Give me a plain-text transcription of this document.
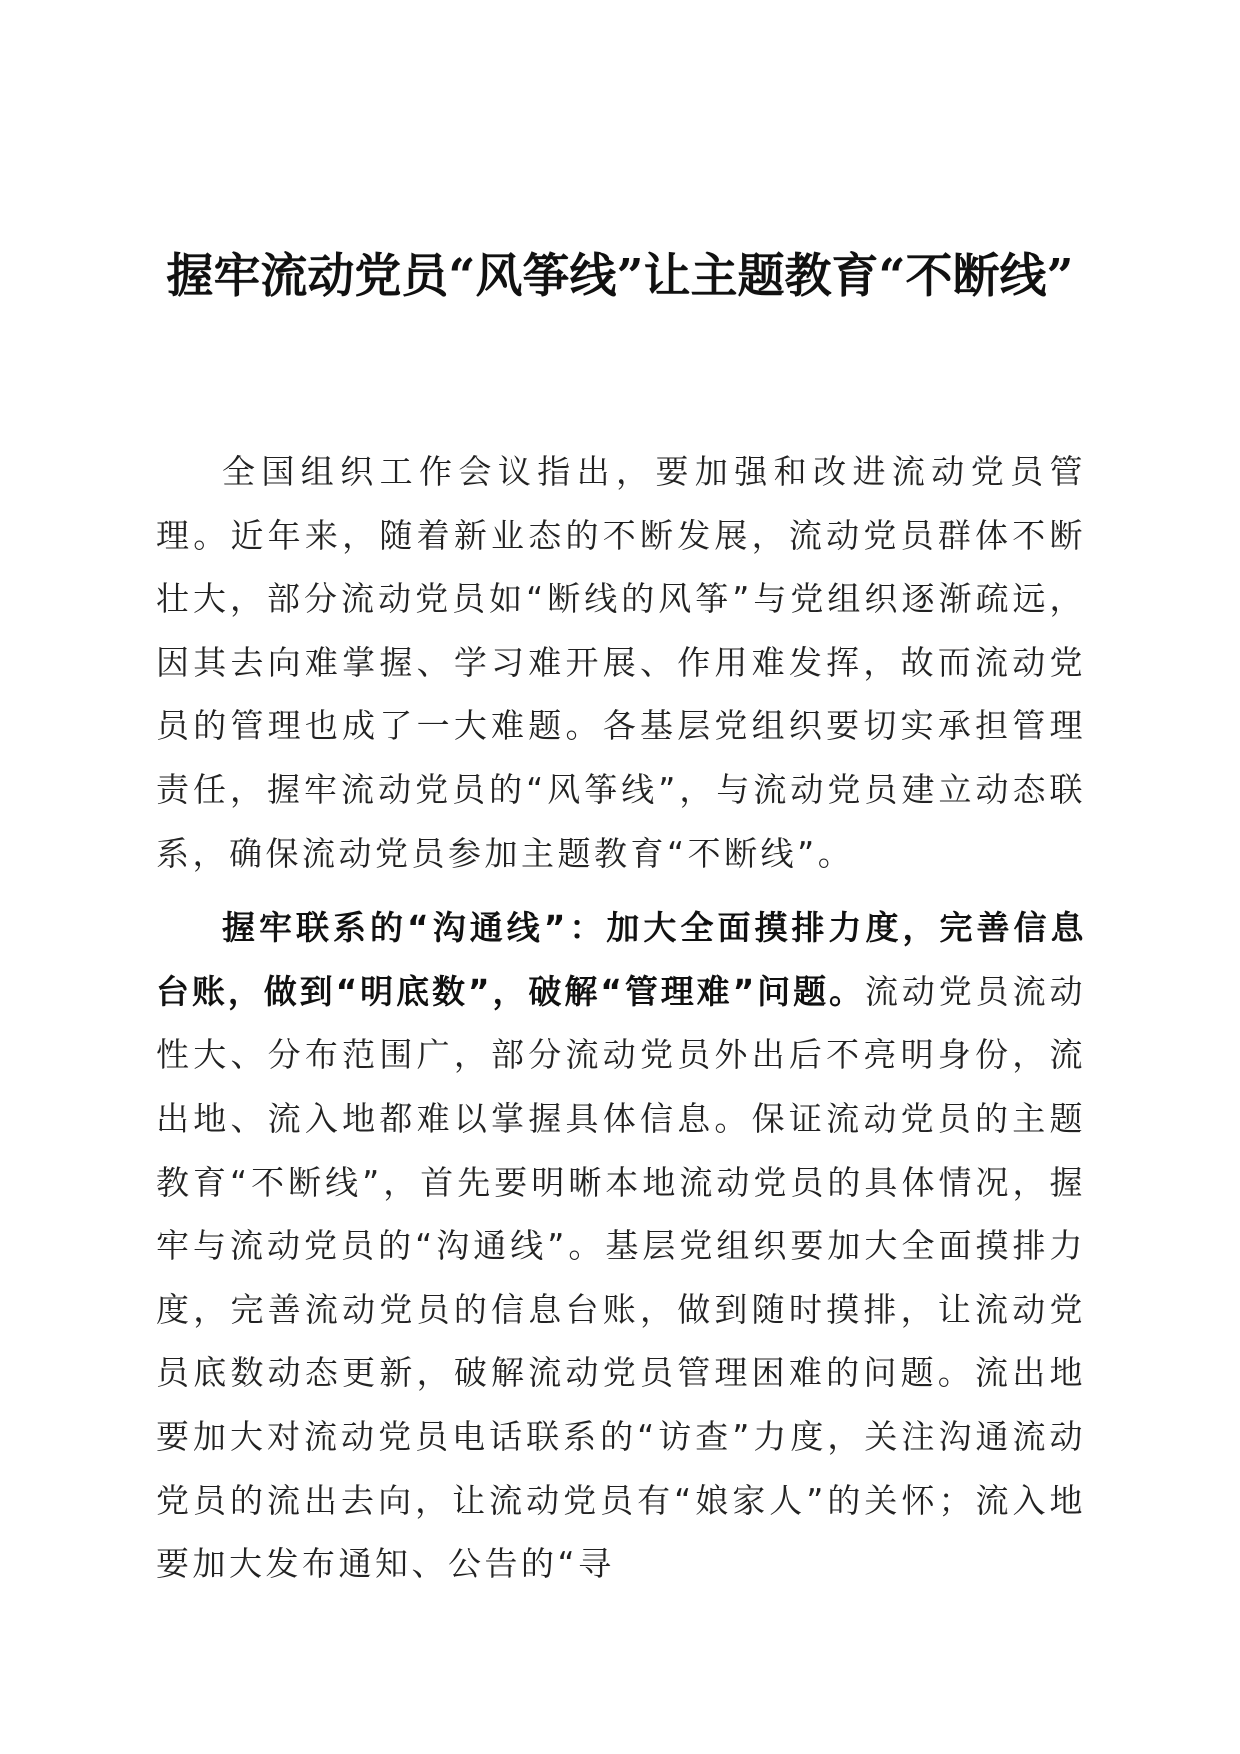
握牢流动党员“风筝线”让主题教育“不断线”

全国组织工作会议指出，要加强和改进流动党员管理。近年来，随着新业态的不断发展，流动党员群体不断壮大，部分流动党员如“断线的风筝”与党组织逐渐疏远，因其去向难掌握、学习难开展、作用难发挥，故而流动党员的管理也成了一大难题。各基层党组织要切实承担管理责任，握牢流动党员的“风筝线”，与流动党员建立动态联系，确保流动党员参加主题教育“不断线”。

握牢联系的“沟通线”：加大全面摸排力度，完善信息台账，做到“明底数”，破解“管理难”问题。流动党员流动性大、分布范围广，部分流动党员外出后不亮明身份，流出地、流入地都难以掌握具体信息。保证流动党员的主题教育“不断线”，首先要明晰本地流动党员的具体情况，握牢与流动党员的“沟通线”。基层党组织要加大全面摸排力度，完善流动党员的信息台账，做到随时摸排，让流动党员底数动态更新，破解流动党员管理困难的问题。流出地要加大对流动党员电话联系的“访查”力度，关注沟通流动党员的流出去向，让流动党员有“娘家人”的关怀；流入地要加大发布通知、公告的“寻
